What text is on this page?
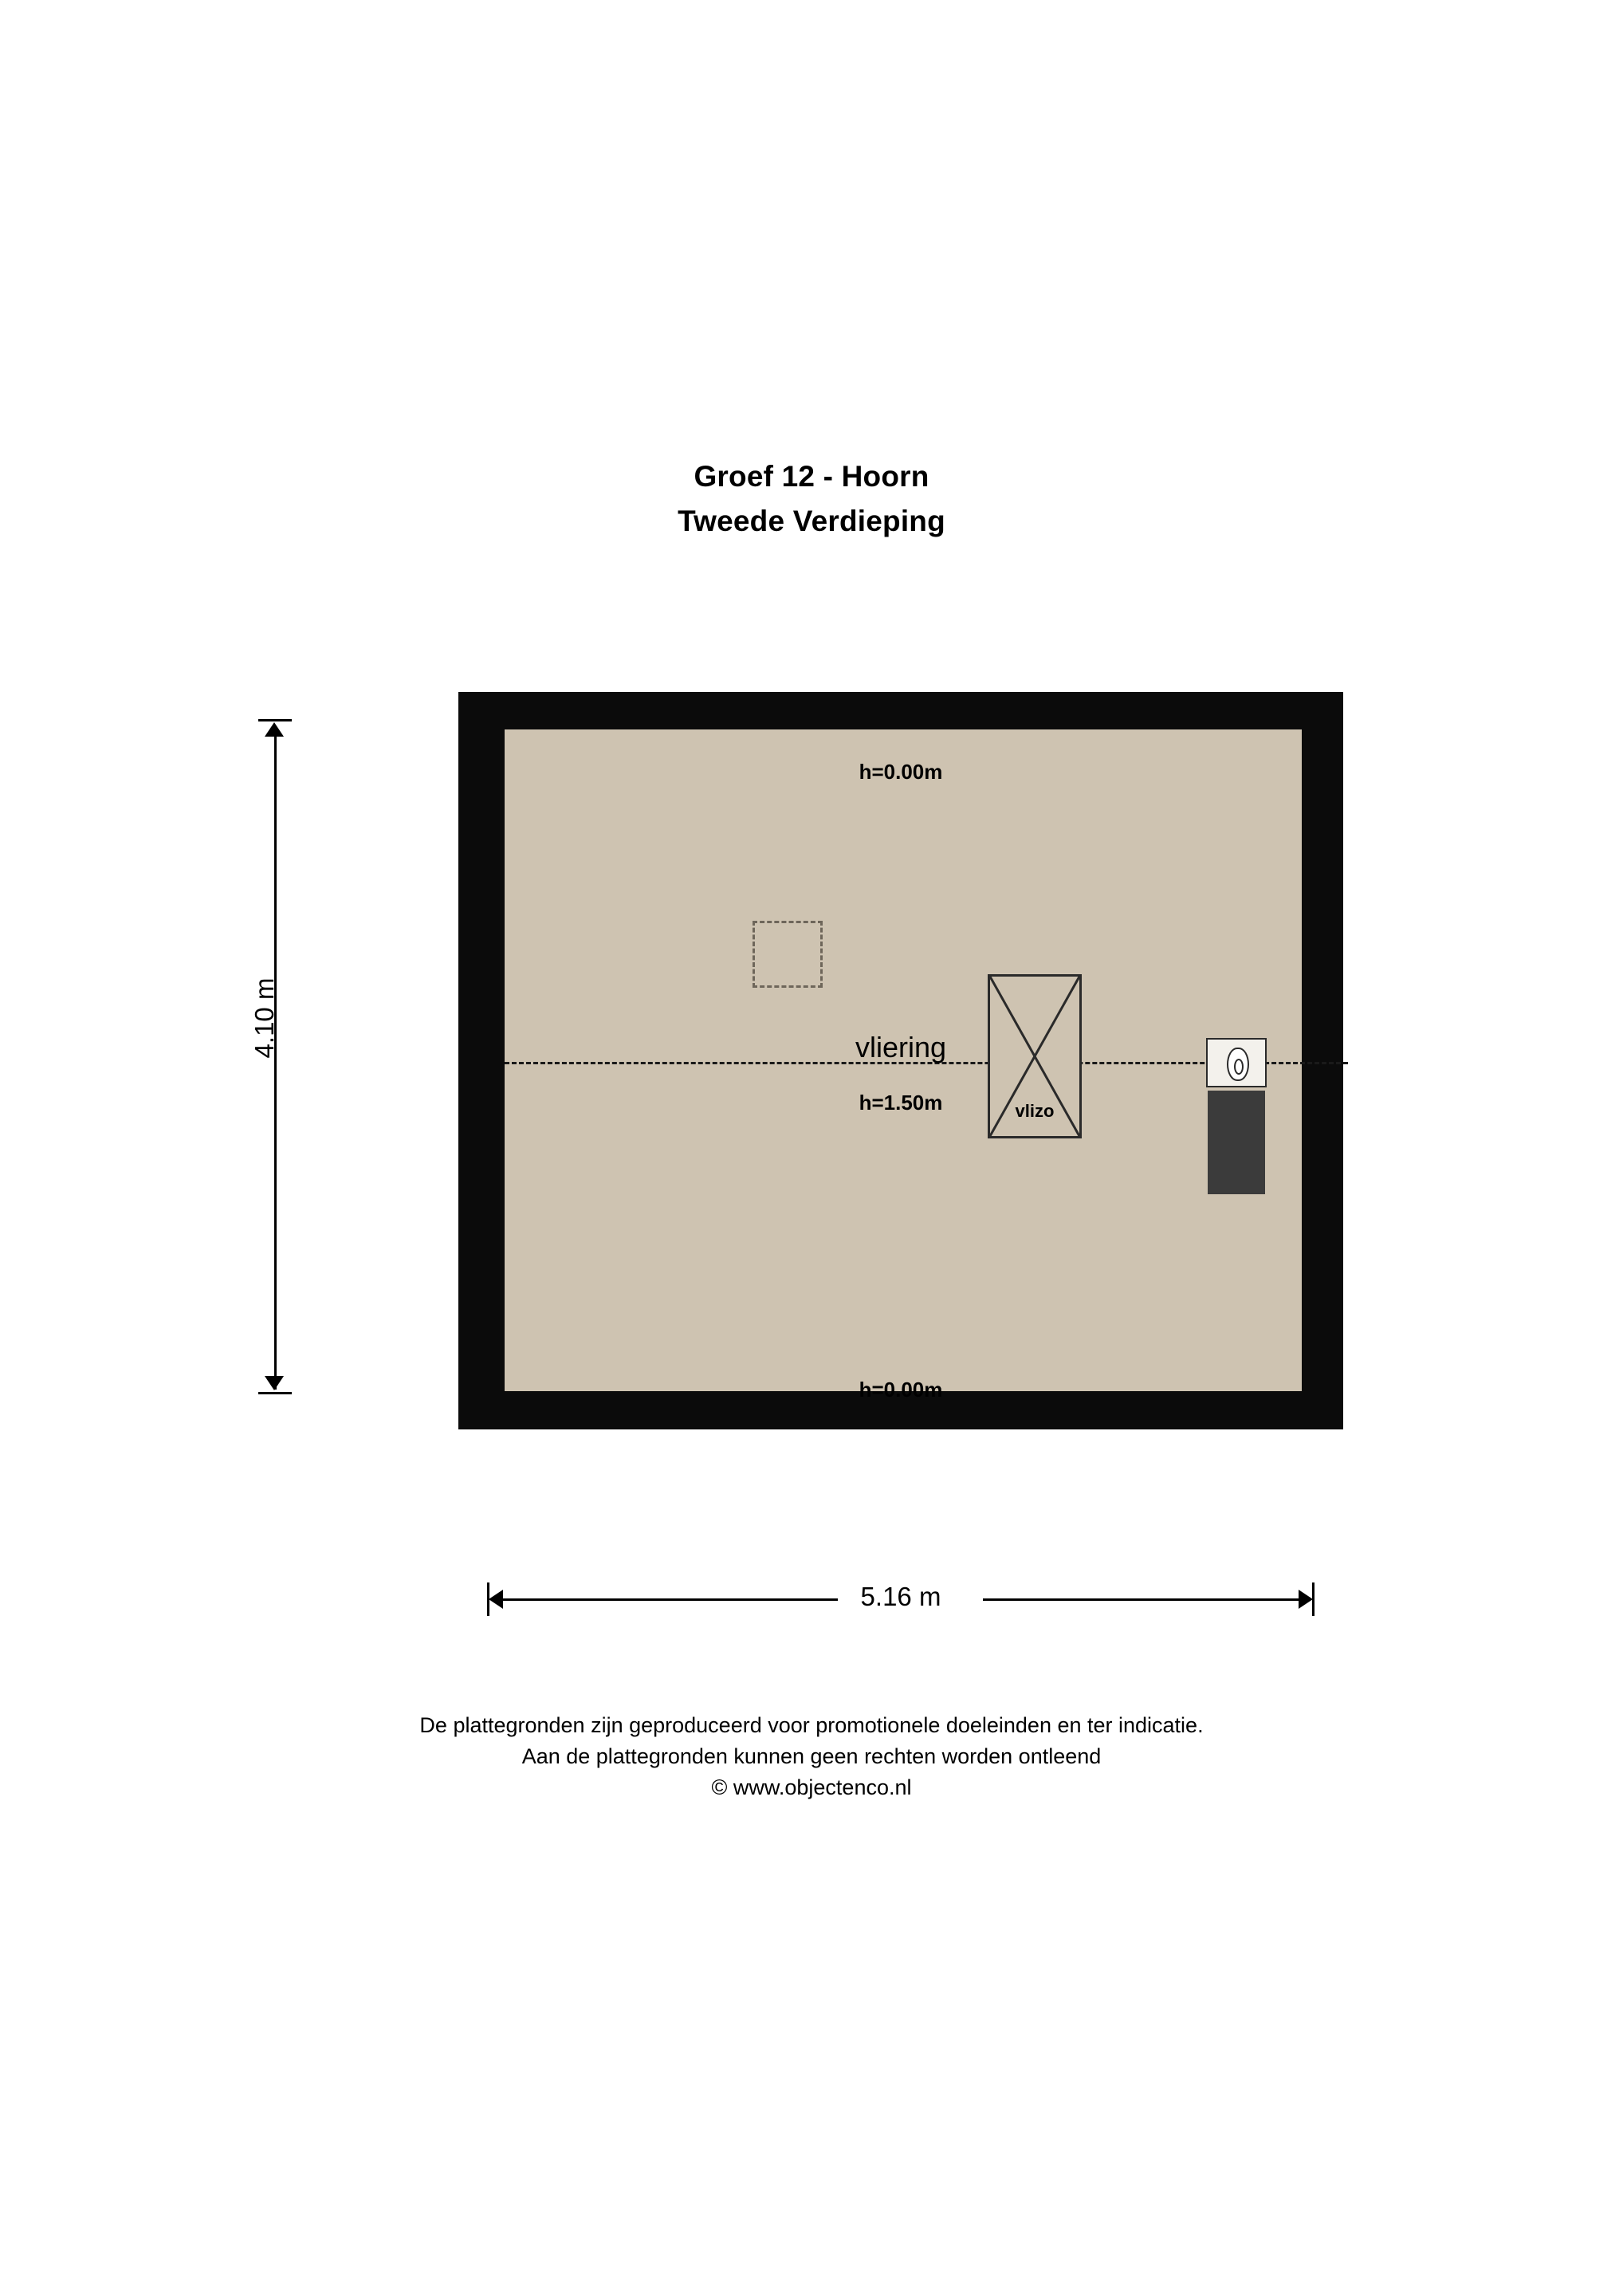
Groef 12 - Hoorn
Tweede Verdieping
h=0.00m
vliering
h=1.50m	vlizo
h=0.00m
4.10 m
5.16 m
De plattegronden zijn geproduceerd voor promotionele doeleinden en ter indicatie.
Aan de plattegronden kunnen geen rechten worden ontleend
© www.objectenco.nl
